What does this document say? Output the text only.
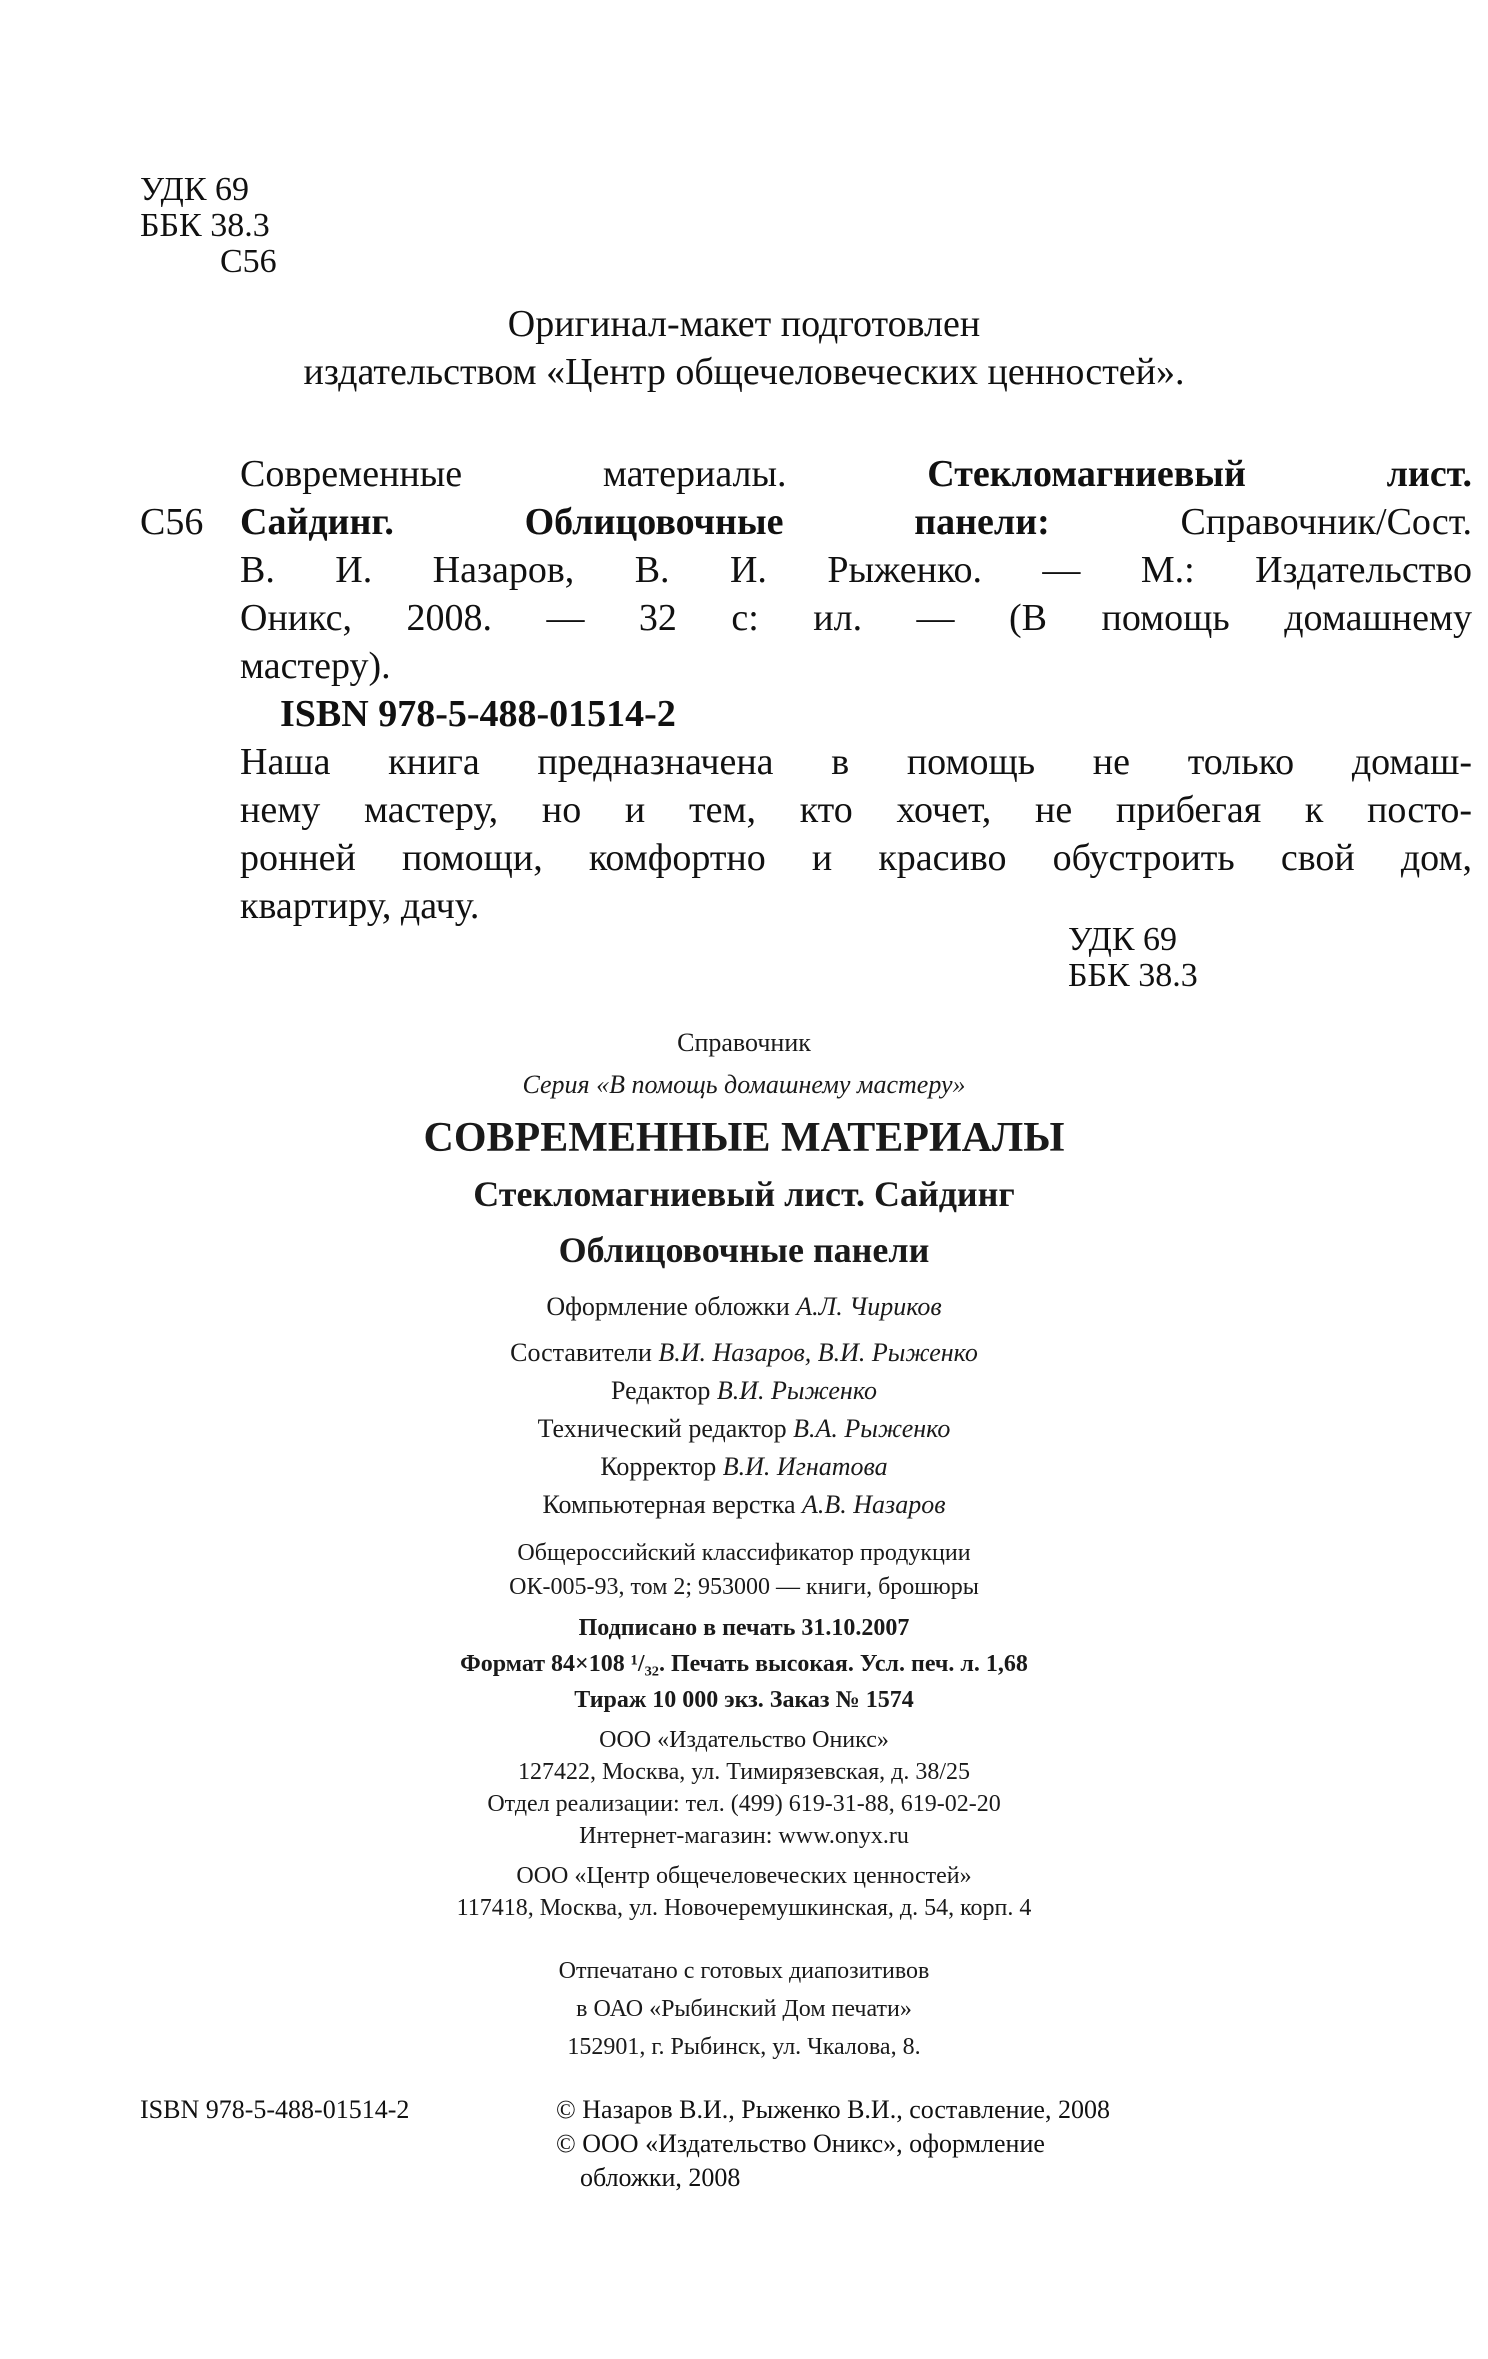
УДК 69
ББК 38.3
С56
Оригинал-макет подготовлен
издательством «Центр общечеловеческих ценностей».
Современные материалы.	Стекломагниевый лист.
С56 Сайдинг. Облицовочные панели:	Справочник/Сост.
В. И. Назаров, В. И. Рыженко. — М.: Издательство
Оникс, 2008. — 32 с: ил. — (В помощь домашнему
мастеру).
ISBN 978-5-488-01514-2
Наша книга предназначена в помощь не только домаш-
нему мастеру, но и тем, кто хочет, не прибегая к посто-
ронней помощи, комфортно и красиво обустроить свой дом,
квартиру, дачу.
УДК 69
ББК 38.3
Справочник
Серия «В помощь домашнему мастеру»
СОВРЕМЕННЫЕ МАТЕРИАЛЫ
Стекломагниевый лист. Сайдинг
Облицовочные панели
Оформление обложки А.Л. Чириков
Составители В.И. Назаров, В.И. Рыженко
Редактор В.И. Рыженко
Технический редактор В.А. Рыженко
Корректор В.И. Игнатова
Компьютерная верстка А.В. Назаров
Общероссийский классификатор продукции
ОК-005-93, том 2; 953000 — книги, брошюры
Подписано в печать 31.10.2007
Формат 84×108 ¹/₃₂. Печать высокая. Усл. печ. л. 1,68
Тираж 10 000 экз. Заказ № 1574
ООО «Издательство Оникс»
127422, Москва, ул. Тимирязевская, д. 38/25
Отдел реализации: тел. (499) 619-31-88, 619-02-20
Интернет-магазин: www.onyx.ru
ООО «Центр общечеловеческих ценностей»
117418, Москва, ул. Новочеремушкинская, д. 54, корп. 4
Отпечатано с готовых диапозитивов
в ОАО «Рыбинский Дом печати»
152901, г. Рыбинск, ул. Чкалова, 8.
ISBN 978-5-488-01514-2	© Назаров В.И., Рыженко В.И., составление, 2008
© ООО «Издательство Оникс», оформление
обложки, 2008
